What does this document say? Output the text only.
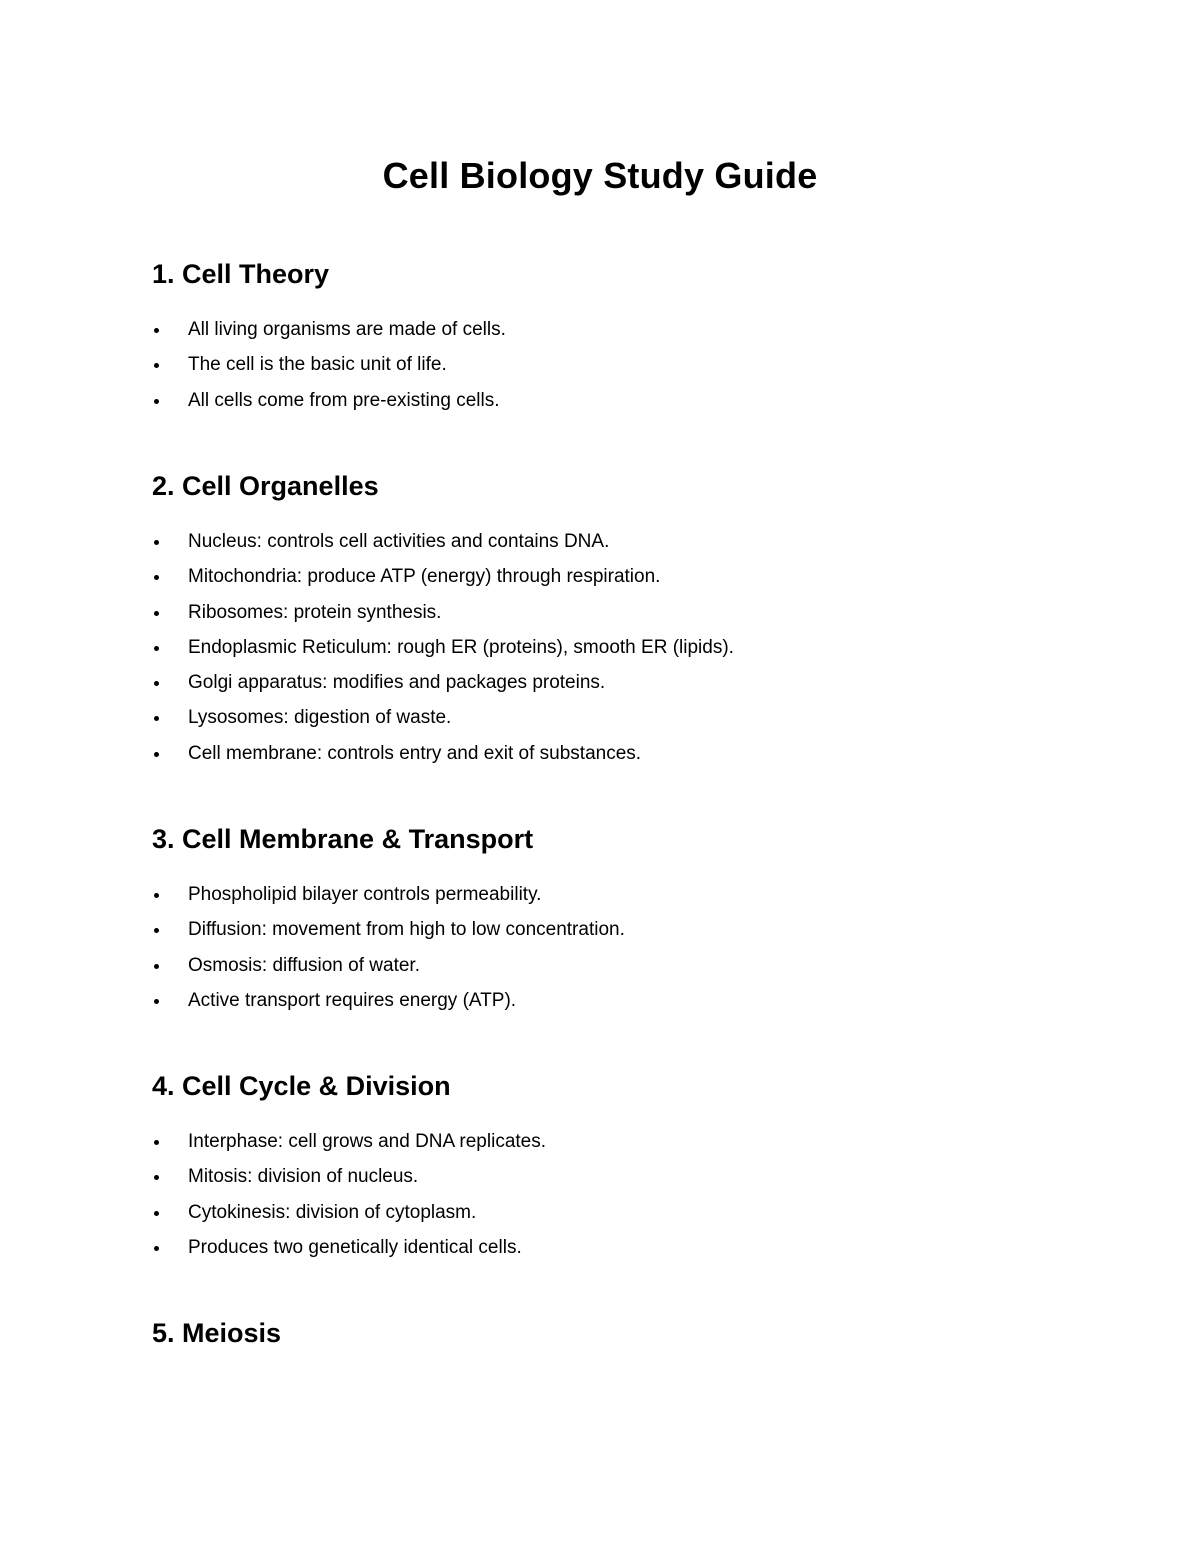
Cell Biology Study Guide
1. Cell Theory
All living organisms are made of cells.
The cell is the basic unit of life.
All cells come from pre-existing cells.
2. Cell Organelles
Nucleus: controls cell activities and contains DNA.
Mitochondria: produce ATP (energy) through respiration.
Ribosomes: protein synthesis.
Endoplasmic Reticulum: rough ER (proteins), smooth ER (lipids).
Golgi apparatus: modifies and packages proteins.
Lysosomes: digestion of waste.
Cell membrane: controls entry and exit of substances.
3. Cell Membrane & Transport
Phospholipid bilayer controls permeability.
Diffusion: movement from high to low concentration.
Osmosis: diffusion of water.
Active transport requires energy (ATP).
4. Cell Cycle & Division
Interphase: cell grows and DNA replicates.
Mitosis: division of nucleus.
Cytokinesis: division of cytoplasm.
Produces two genetically identical cells.
5. Meiosis
